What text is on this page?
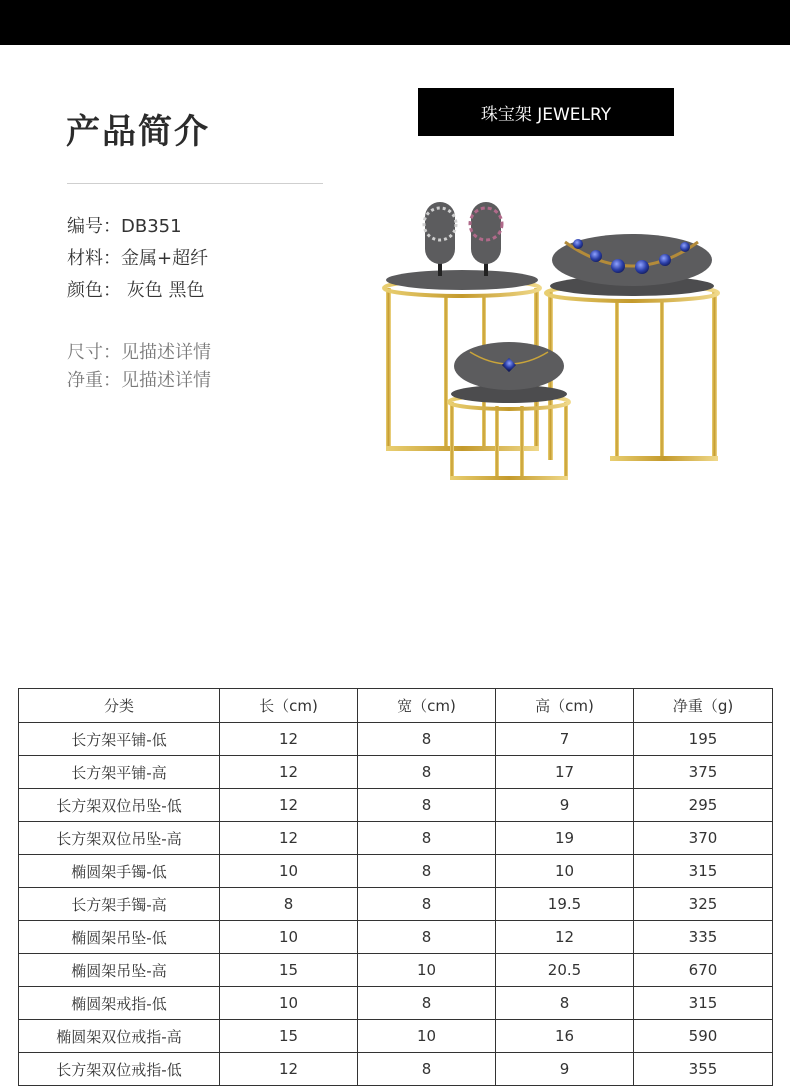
产品简介
编号：DB351
材料：金属+超纤
颜色： 灰色 黑色
尺寸：见描述详情
净重：见描述详情
珠宝架 JEWELRY
分类	长（cm)	宽（cm)	高（cm)	净重（g)
长方架平铺-低	12	8	7	195
长方架平铺-高	12	8	17	375
长方架双位吊坠-低	12	8	9	295
长方架双位吊坠-高	12	8	19	370
椭圆架手镯-低	10	8	10	315
长方架手镯-高	8	8	19.5	325
椭圆架吊坠-低	10	8	12	335
椭圆架吊坠-高	15	10	20.5	670
椭圆架戒指-低	10	8	8	315
椭圆架双位戒指-高	15	10	16	590
长方架双位戒指-低	12	8	9	355
